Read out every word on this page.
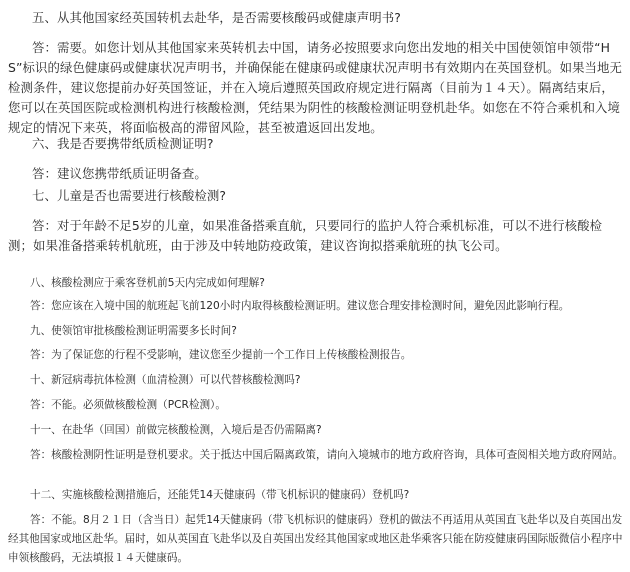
五、从其他国家经英国转机去赴华，是否需要核酸码或健康声明书?

答：需要。如您计划从其他国家来英转机去中国，请务必按照要求向您出发地的相关中国使领馆申领带“HS”标识的绿色健康码或健康状况声明书，并确保能在健康码或健康状况声明书有效期内在英国登机。如果当地无检测条件，建议您提前办好英国签证，并在入境后遵照英国政府规定进行隔离（目前为１４天）。隔离结束后，您可以在英国医院或检测机构进行核酸检测，凭结果为阴性的核酸检测证明登机赴华。如您在不符合乘机和入境规定的情况下来英，将面临极高的滞留风险，甚至被遣返回出发地。

六、我是否要携带纸质检测证明?

答：建议您携带纸质证明备查。

七、儿童是否也需要进行核酸检测?

答：对于年龄不足5岁的儿童，如果准备搭乘直航，只要同行的监护人符合乘机标准，可以不进行核酸检测；如果准备搭乘转机航班，由于涉及中转地防疫政策，建议咨询拟搭乘航班的执飞公司。

八、核酸检测应于乘客登机前5天内完成如何理解?

答：您应该在入境中国的航班起飞前120小时内取得核酸检测证明。建议您合理安排检测时间，避免因此影响行程。

九、使领馆审批核酸检测证明需要多长时间?

答：为了保证您的行程不受影响，建议您至少提前一个工作日上传核酸检测报告。

十、新冠病毒抗体检测（血清检测）可以代替核酸检测吗?

答：不能。必须做核酸检测（PCR检测）。

十一、在赴华（回国）前做完核酸检测，入境后是否仍需隔离?

答：核酸检测阴性证明是登机要求。关于抵达中国后隔离政策，请向入境城市的地方政府咨询，具体可查阅相关地方政府网站。

十二、实施核酸检测措施后，还能凭14天健康码（带飞机标识的健康码）登机吗?

答：不能。8月２１日（含当日）起凭14天健康码（带飞机标识的健康码）登机的做法不再适用从英国直飞赴华以及自英国出发经其他国家或地区赴华。届时，如从英国直飞赴华以及自英国出发经其他国家或地区赴华乘客只能在防疫健康码国际版微信小程序中申领核酸码，无法填报１４天健康码。
